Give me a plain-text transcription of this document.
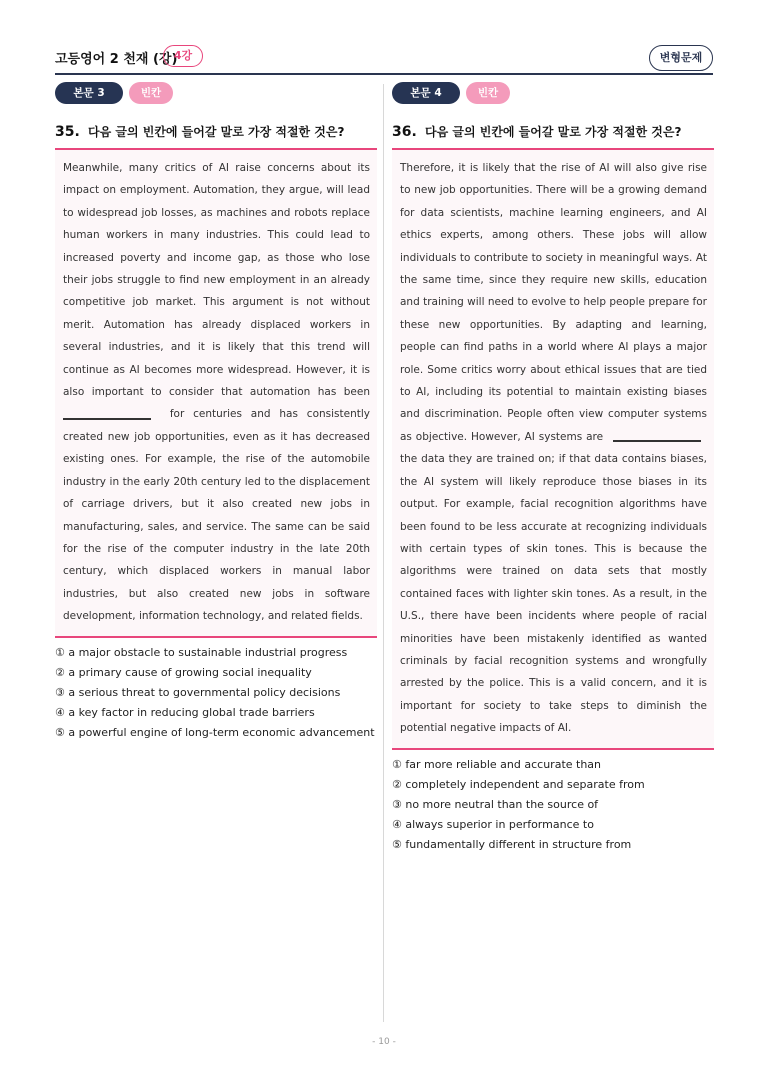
고등영어 2 천재 (강)
4강	변형문제
본문 3	빈칸
35. 다음 글의 빈칸에 들어갈 말로 가장 적절한 것은?
Meanwhile, many critics of AI raise concerns about its impact on employment. Automation, they argue, will lead to widespread job losses, as machines and robots replace human workers in many industries. This could lead to increased poverty and income gap, as those who lose their jobs struggle to find new employment in an already competitive job market. This argument is not without merit. Automation has already displaced workers in several industries, and it is likely that this trend will continue as AI becomes more widespread. However, it is also important to consider that automation has been  for centuries and has consistently created new job opportunities, even as it has decreased existing ones. For example, the rise of the automobile industry in the early 20th century led to the displacement of carriage drivers, but it also created new jobs in manufacturing, sales, and service. The same can be said for the rise of the computer industry in the late 20th century, which displaced workers in manual labor industries, but also created new jobs in software development, information technology, and related fields.
① a major obstacle to sustainable industrial progress
② a primary cause of growing social inequality
③ a serious threat to governmental policy decisions
④ a key factor in reducing global trade barriers
⑤ a powerful engine of long-term economic advancement
본문 4	빈칸
36. 다음 글의 빈칸에 들어갈 말로 가장 적절한 것은?
Therefore, it is likely that the rise of AI will also give rise to new job opportunities. There will be a growing demand for data scientists, machine learning engineers, and AI ethics experts, among others. These jobs will allow individuals to contribute to society in meaningful ways. At the same time, since they require new skills, education and training will need to evolve to help people prepare for these new opportunities. By adapting and learning, people can find paths in a world where AI plays a major role. Some critics worry about ethical issues that are tied to AI, including its potential to maintain existing biases and discrimination. People often view computer systems as objective. However, AI systems are  the data they are trained on; if that data contains biases, the AI system will likely reproduce those biases in its output. For example, facial recognition algorithms have been found to be less accurate at recognizing individuals with certain types of skin tones. This is because the algorithms were trained on data sets that mostly contained faces with lighter skin tones. As a result, in the U.S., there have been incidents where people of racial minorities have been mistakenly identified as wanted criminals by facial recognition systems and wrongfully arrested by the police. This is a valid concern, and it is important for society to take steps to diminish the potential negative impacts of AI.
① far more reliable and accurate than
② completely independent and separate from
③ no more neutral than the source of
④ always superior in performance to
⑤ fundamentally different in structure from
- 10 -
